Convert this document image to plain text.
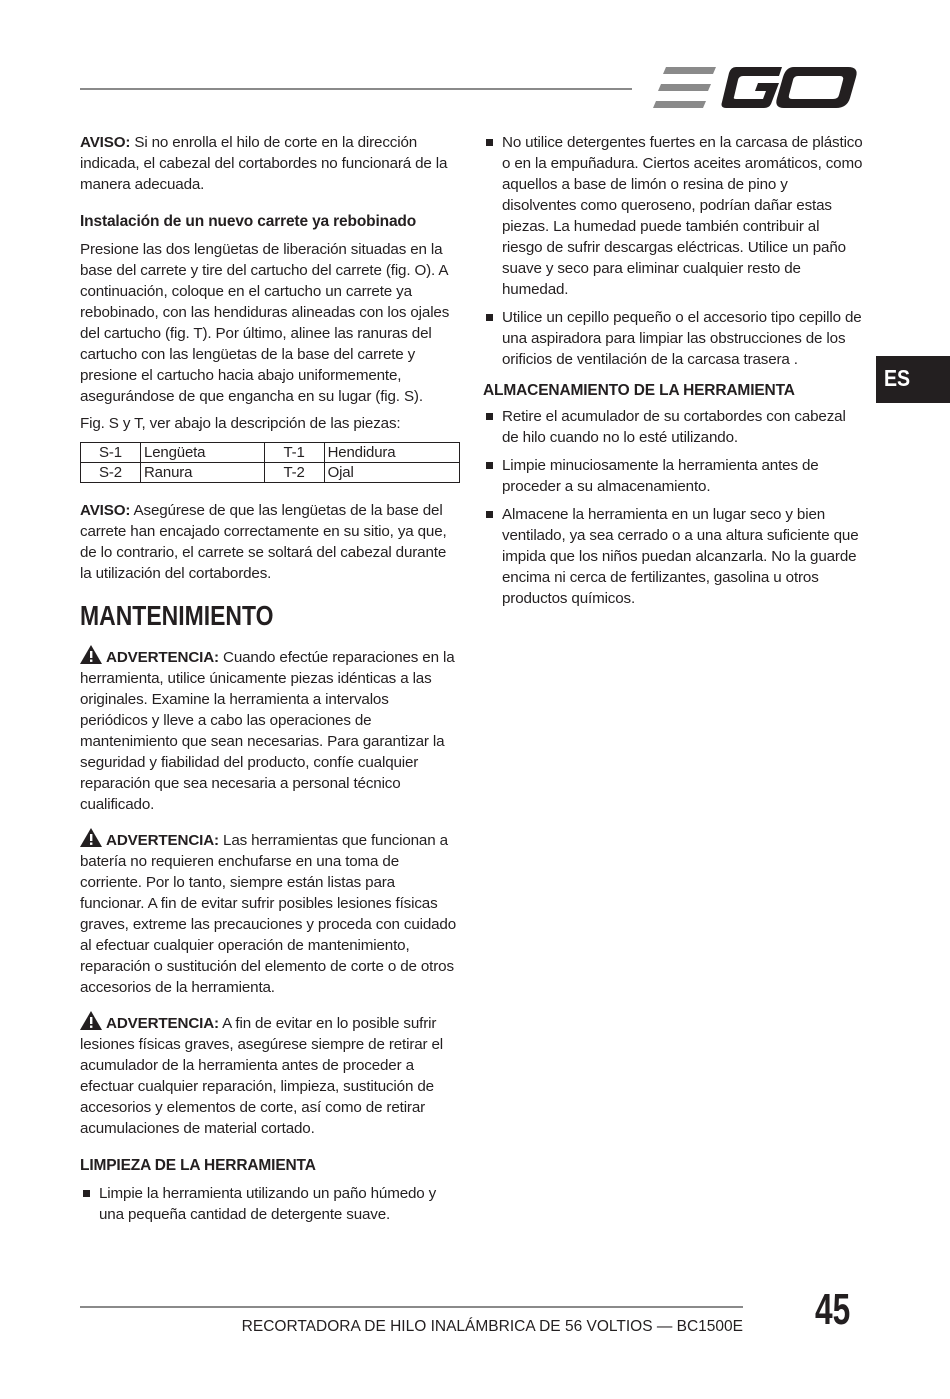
ES

AVISO: Si no enrolla el hilo de corte en la dirección indicada, el cabezal del cortabordes no funcionará de la manera adecuada.

Instalación de un nuevo carrete ya rebobinado

Presione las dos lengüetas de liberación situadas en la base del carrete y tire del cartucho del carrete (fig. O). A continuación, coloque en el cartucho un carrete ya rebobinado, con las hendiduras alineadas con los ojales del cartucho (fig. T). Por último, alinee las ranuras del cartucho con las lengüetas de la base del carrete y presione el cartucho hacia abajo uniformemente, asegurándose de que engancha en su lugar (fig. S).

Fig. S y T, ver abajo la descripción de las piezas:

S-1	Lengüeta	T-1	Hendidura
S-2	Ranura	T-2	Ojal

AVISO: Asegúrese de que las lengüetas de la base del carrete han encajado correctamente en su sitio, ya que, de lo contrario, el carrete se soltará del cabezal durante la utilización del cortabordes.

MANTENIMIENTO

ADVERTENCIA: Cuando efectúe reparaciones en la herramienta, utilice únicamente piezas idénticas a las originales. Examine la herramienta a intervalos periódicos y lleve a cabo las operaciones de mantenimiento que sean necesarias. Para garantizar la seguridad y fiabilidad del producto, confíe cualquier reparación que sea necesaria a personal técnico cualificado.

ADVERTENCIA: Las herramientas que funcionan a batería no requieren enchufarse en una toma de corriente. Por lo tanto, siempre están listas para funcionar. A fin de evitar sufrir posibles lesiones físicas graves, extreme las precauciones y proceda con cuidado al efectuar cualquier operación de mantenimiento, reparación o sustitución del elemento de corte o de otros accesorios de la herramienta.

ADVERTENCIA: A fin de evitar en lo posible sufrir lesiones físicas graves, asegúrese siempre de retirar el acumulador de la herramienta antes de proceder a efectuar cualquier reparación, limpieza, sustitución de accesorios y elementos de corte, así como de retirar acumulaciones de material cortado.

LIMPIEZA DE LA HERRAMIENTA

Limpie la herramienta utilizando un paño húmedo y una pequeña cantidad de detergente suave.
No utilice detergentes fuertes en la carcasa de plástico o en la empuñadura. Ciertos aceites aromáticos, como aquellos a base de limón o resina de pino y disolventes como queroseno, podrían dañar estas piezas. La humedad puede también contribuir al riesgo de sufrir descargas eléctricas. Utilice un paño suave y seco para eliminar cualquier resto de humedad.
Utilice un cepillo pequeño o el accesorio tipo cepillo de una aspiradora para limpiar las obstrucciones de los orificios de ventilación de la carcasa trasera .

ALMACENAMIENTO DE LA HERRAMIENTA

Retire el acumulador de su cortabordes con cabezal de hilo cuando no lo esté utilizando.
Limpie minuciosamente la herramienta antes de proceder a su almacenamiento.
Almacene la herramienta en un lugar seco y bien ventilado, ya sea cerrado o a una altura suficiente que impida que los niños puedan alcanzarla. No la guarde encima ni cerca de fertilizantes, gasolina u otros productos químicos.
RECORTADORA DE HILO INALÁMBRICA DE 56 VOLTIOS — BC1500E 45
